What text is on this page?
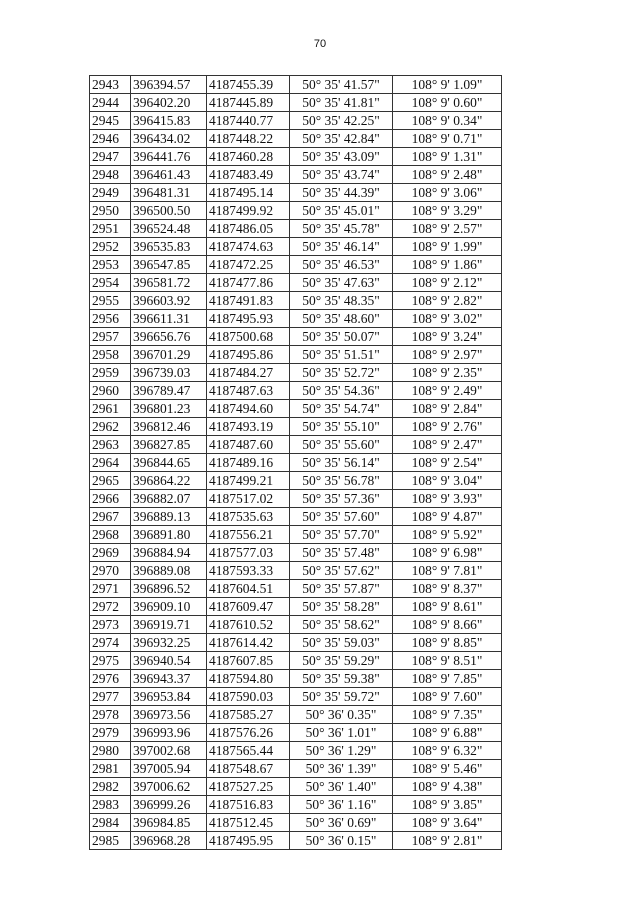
70
2943	396394.57	4187455.39	50° 35' 41.57"	108° 9' 1.09"
2944	396402.20	4187445.89	50° 35' 41.81"	108° 9' 0.60"
2945	396415.83	4187440.77	50° 35' 42.25"	108° 9' 0.34"
2946	396434.02	4187448.22	50° 35' 42.84"	108° 9' 0.71"
2947	396441.76	4187460.28	50° 35' 43.09"	108° 9' 1.31"
2948	396461.43	4187483.49	50° 35' 43.74"	108° 9' 2.48"
2949	396481.31	4187495.14	50° 35' 44.39"	108° 9' 3.06"
2950	396500.50	4187499.92	50° 35' 45.01"	108° 9' 3.29"
2951	396524.48	4187486.05	50° 35' 45.78"	108° 9' 2.57"
2952	396535.83	4187474.63	50° 35' 46.14"	108° 9' 1.99"
2953	396547.85	4187472.25	50° 35' 46.53"	108° 9' 1.86"
2954	396581.72	4187477.86	50° 35' 47.63"	108° 9' 2.12"
2955	396603.92	4187491.83	50° 35' 48.35"	108° 9' 2.82"
2956	396611.31	4187495.93	50° 35' 48.60"	108° 9' 3.02"
2957	396656.76	4187500.68	50° 35' 50.07"	108° 9' 3.24"
2958	396701.29	4187495.86	50° 35' 51.51"	108° 9' 2.97"
2959	396739.03	4187484.27	50° 35' 52.72"	108° 9' 2.35"
2960	396789.47	4187487.63	50° 35' 54.36"	108° 9' 2.49"
2961	396801.23	4187494.60	50° 35' 54.74"	108° 9' 2.84"
2962	396812.46	4187493.19	50° 35' 55.10"	108° 9' 2.76"
2963	396827.85	4187487.60	50° 35' 55.60"	108° 9' 2.47"
2964	396844.65	4187489.16	50° 35' 56.14"	108° 9' 2.54"
2965	396864.22	4187499.21	50° 35' 56.78"	108° 9' 3.04"
2966	396882.07	4187517.02	50° 35' 57.36"	108° 9' 3.93"
2967	396889.13	4187535.63	50° 35' 57.60"	108° 9' 4.87"
2968	396891.80	4187556.21	50° 35' 57.70"	108° 9' 5.92"
2969	396884.94	4187577.03	50° 35' 57.48"	108° 9' 6.98"
2970	396889.08	4187593.33	50° 35' 57.62"	108° 9' 7.81"
2971	396896.52	4187604.51	50° 35' 57.87"	108° 9' 8.37"
2972	396909.10	4187609.47	50° 35' 58.28"	108° 9' 8.61"
2973	396919.71	4187610.52	50° 35' 58.62"	108° 9' 8.66"
2974	396932.25	4187614.42	50° 35' 59.03"	108° 9' 8.85"
2975	396940.54	4187607.85	50° 35' 59.29"	108° 9' 8.51"
2976	396943.37	4187594.80	50° 35' 59.38"	108° 9' 7.85"
2977	396953.84	4187590.03	50° 35' 59.72"	108° 9' 7.60"
2978	396973.56	4187585.27	50° 36' 0.35"	108° 9' 7.35"
2979	396993.96	4187576.26	50° 36' 1.01"	108° 9' 6.88"
2980	397002.68	4187565.44	50° 36' 1.29"	108° 9' 6.32"
2981	397005.94	4187548.67	50° 36' 1.39"	108° 9' 5.46"
2982	397006.62	4187527.25	50° 36' 1.40"	108° 9' 4.38"
2983	396999.26	4187516.83	50° 36' 1.16"	108° 9' 3.85"
2984	396984.85	4187512.45	50° 36' 0.69"	108° 9' 3.64"
2985	396968.28	4187495.95	50° 36' 0.15"	108° 9' 2.81"
